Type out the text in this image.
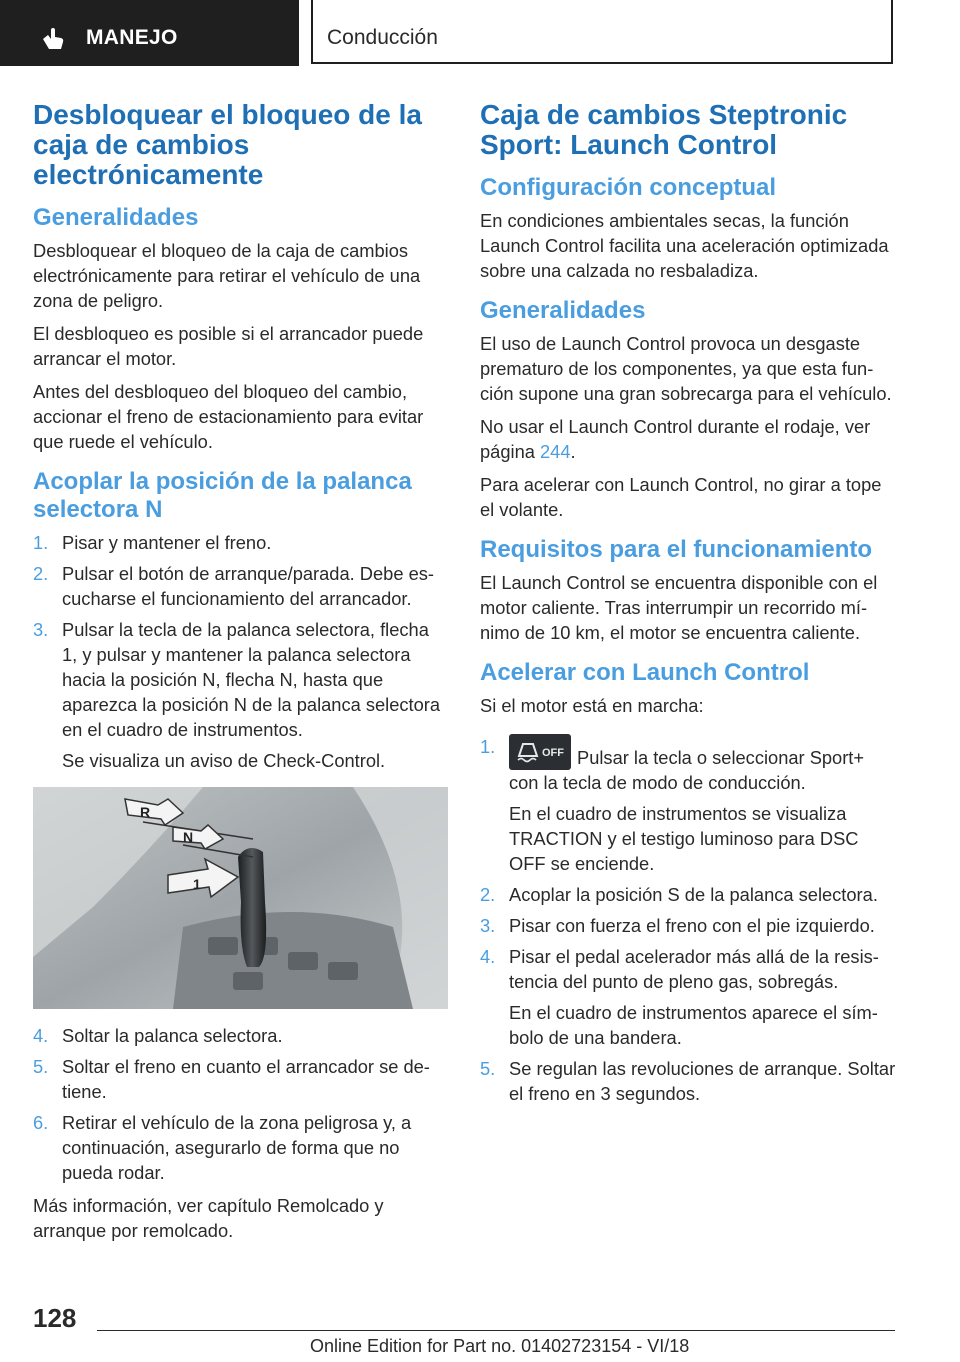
MANEJO	Conducción
Desbloquear el bloqueo de la caja de cambios electrónicamente
Generalidades

Desbloquear el bloqueo de la caja de cambios electrónicamente para retirar el vehículo de una zona de peligro.

El desbloqueo es posible si el arrancador puede arrancar el motor.

Antes del desbloqueo del bloqueo del cambio, accionar el freno de estacionamiento para evitar que ruede el vehículo.

Acoplar la posición de la palanca selectora N
1. Pisar y mantener el freno.
2. Pulsar el botón de arranque/parada. Debe escucharse el funcionamiento del arrancador.
3. Pulsar la tecla de la palanca selectora, flecha 1, y pulsar y mantener la palanca selectora hacia la posición N, flecha N, hasta que aparezca la posición N de la palanca selectora en el cuadro de instrumentos.
Se visualiza un aviso de Check-Control.
R
N
1
4. Soltar la palanca selectora.
5. Soltar el freno en cuanto el arrancador se detiene.
6. Retirar el vehículo de la zona peligrosa y, a continuación, asegurarlo de forma que no pueda rodar.

Más información, ver capítulo Remolcado y arranque por remolcado.

Caja de cambios Steptronic Sport: Launch Control
Configuración conceptual

En condiciones ambientales secas, la función Launch Control facilita una aceleración optimizada sobre una calzada no resbaladiza.

Generalidades

El uso de Launch Control provoca un desgaste prematuro de los componentes, ya que esta función supone una gran sobrecarga para el vehículo.

No usar el Launch Control durante el rodaje, ver página 244.

Para acelerar con Launch Control, no girar a tope el volante.

Requisitos para el funcionamiento

El Launch Control se encuentra disponible con el motor caliente. Tras interrumpir un recorrido mínimo de 10 km, el motor se encuentra caliente.

Acelerar con Launch Control

Si el motor está en marcha:

1.	OFF Pulsar la tecla o seleccionar Sport+ con la tecla de modo de conducción.
En el cuadro de instrumentos se visualiza TRACTION y el testigo luminoso para DSC OFF se enciende.
2. Acoplar la posición S de la palanca selectora.
3. Pisar con fuerza el freno con el pie izquierdo.
4. Pisar el pedal acelerador más allá de la resistencia del punto de pleno gas, sobregás.
En el cuadro de instrumentos aparece el símbolo de una bandera.
5. Se regulan las revoluciones de arranque. Soltar el freno en 3 segundos.
128
Online Edition for Part no. 01402723154 - VI/18
